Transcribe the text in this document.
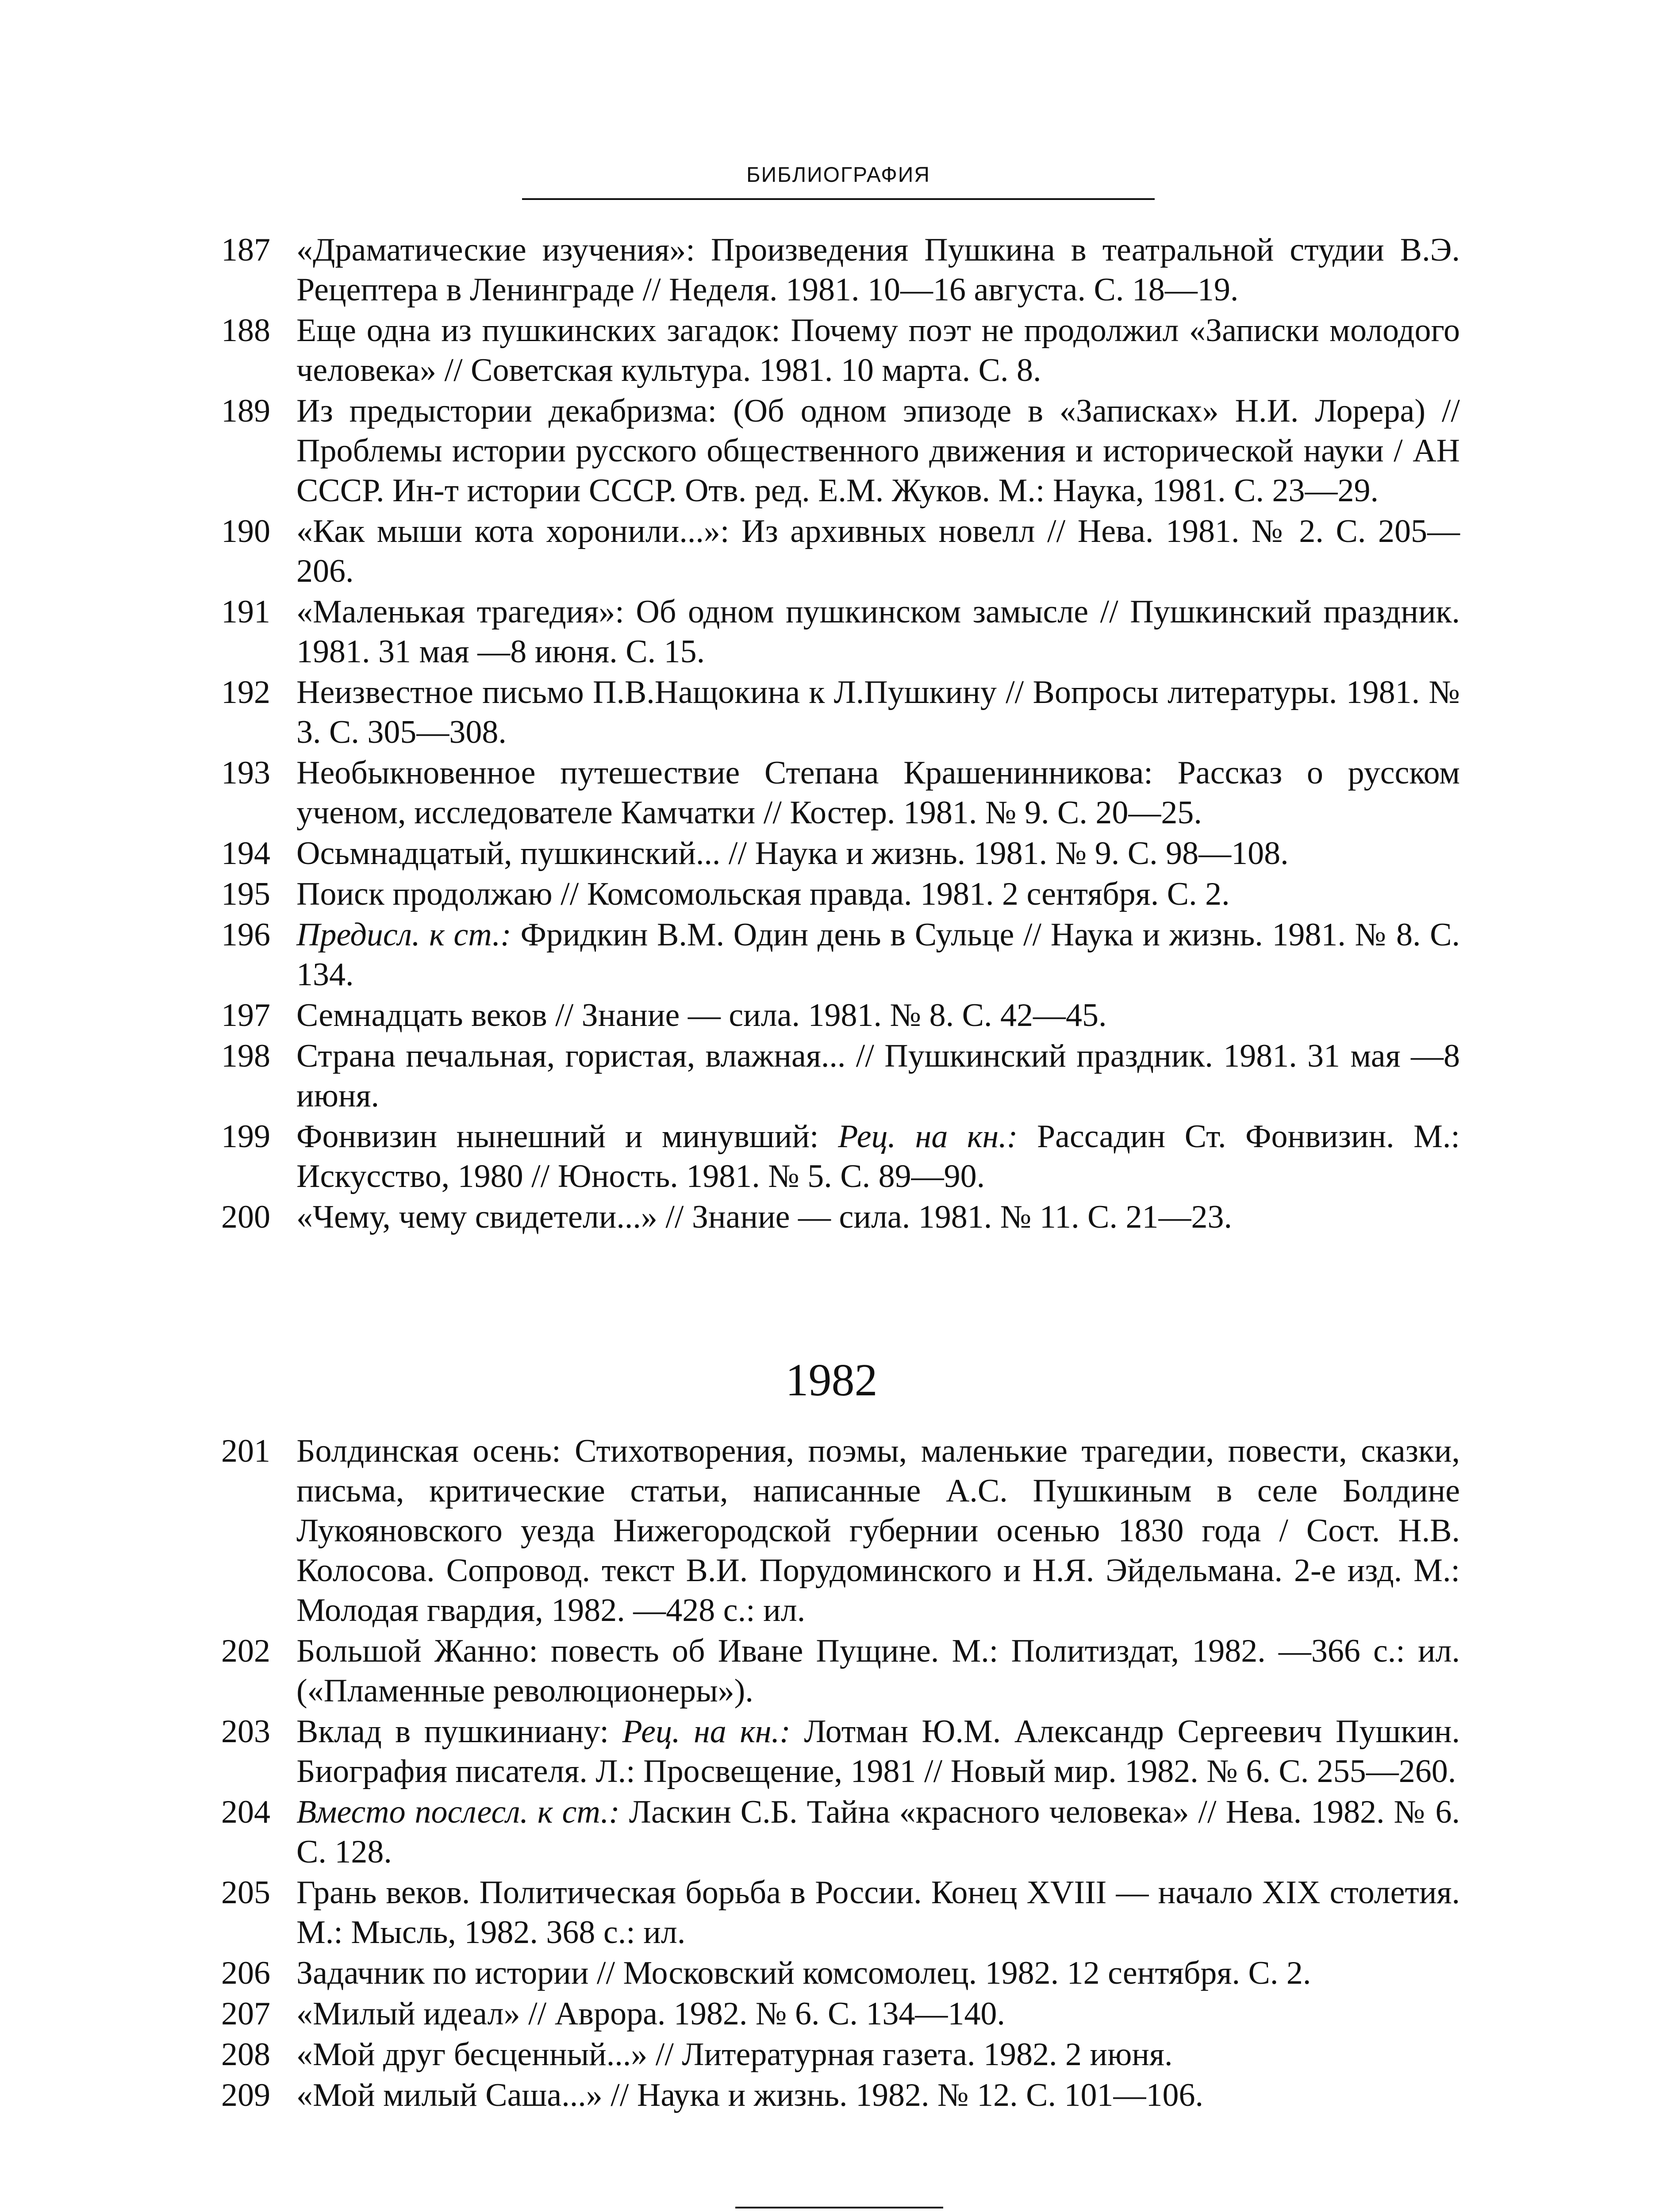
БИБЛИОГРАФИЯ
187 «Драматические изучения»: Произведения Пушкина в театральной студии В.Э. Рецептера в Ленинграде // Неделя. 1981. 10—16 августа. С. 18—19.
188 Еще одна из пушкинских загадок: Почему поэт не продолжил «Записки молодого человека» // Советская культура. 1981. 10 марта. С. 8.
189 Из предыстории декабризма: (Об одном эпизоде в «Записках» Н.И. Лорера) // Проблемы истории русского общественного движения и исторической науки / АН СССР. Ин-т истории СССР. Отв. ред. Е.М. Жуков. М.: Наука, 1981. С. 23—29.
190 «Как мыши кота хоронили...»: Из архивных новелл // Нева. 1981. № 2. С. 205—206.
191 «Маленькая трагедия»: Об одном пушкинском замысле // Пушкинский праздник. 1981. 31 мая —8 июня. С. 15.
192 Неизвестное письмо П.В.Нащокина к Л.Пушкину // Вопросы литературы. 1981. № 3. С. 305—308.
193 Необыкновенное путешествие Степана Крашенинникова: Рассказ о русском ученом, исследователе Камчатки // Костер. 1981. № 9. С. 20—25.
194 Осьмнадцатый, пушкинский... // Наука и жизнь. 1981. № 9. С. 98—108.
195 Поиск продолжаю // Комсомольская правда. 1981. 2 сентября. С. 2.
196 Предисл. к ст.: Фридкин В.М. Один день в Сульце // Наука и жизнь. 1981. № 8. С. 134.
197 Семнадцать веков // Знание — сила. 1981. № 8. С. 42—45.
198 Страна печальная, гористая, влажная... // Пушкинский праздник. 1981. 31 мая —8 июня.
199 Фонвизин нынешний и минувший: Рец. на кн.: Рассадин Ст. Фонвизин. М.: Искусство, 1980 // Юность. 1981. № 5. С. 89—90.
200 «Чему, чему свидетели...» // Знание — сила. 1981. № 11. С. 21—23.
1982
201 Болдинская осень: Стихотворения, поэмы, маленькие трагедии, повести, сказки, письма, критические статьи, написанные А.С. Пушкиным в селе Болдине Лукояновского уезда Нижегородской губернии осенью 1830 года / Сост. Н.В. Колосова. Сопровод. текст В.И. Порудоминского и Н.Я. Эйдельмана. 2-е изд. М.: Молодая гвардия, 1982. —428 с.: ил.
202 Большой Жанно: повесть об Иване Пущине. М.: Политиздат, 1982. —366 с.: ил. («Пламенные революционеры»).
203 Вклад в пушкиниану: Рец. на кн.: Лотман Ю.М. Александр Сергеевич Пушкин. Биография писателя. Л.: Просвещение, 1981 // Новый мир. 1982. № 6. С. 255—260.
204 Вместо послесл. к ст.: Ласкин С.Б. Тайна «красного человека» // Нева. 1982. № 6. С. 128.
205 Грань веков. Политическая борьба в России. Конец XVIII — начало XIX столетия. М.: Мысль, 1982. 368 с.: ил.
206 Задачник по истории // Московский комсомолец. 1982. 12 сентября. С. 2.
207 «Милый идеал» // Аврора. 1982. № 6. С. 134—140.
208 «Мой друг бесценный...» // Литературная газета. 1982. 2 июня.
209 «Мой милый Саша...» // Наука и жизнь. 1982. № 12. С. 101—106.
